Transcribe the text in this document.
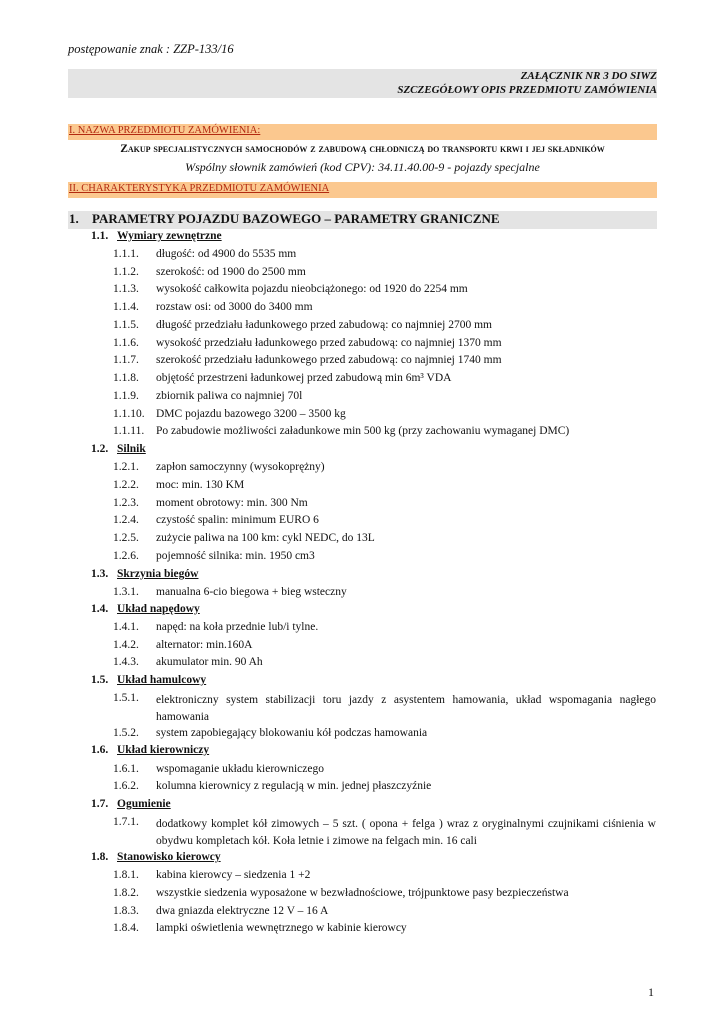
postępowanie znak : ZZP-133/16
ZAŁĄCZNIK NR 3 DO SIWZ
SZCZEGÓŁOWY OPIS PRZEDMIOTU ZAMÓWIENIA
I. NAZWA PRZEDMIOTU ZAMÓWIENIA:
Zakup specjalistycznych samochodów z zabudową chłodniczą do transportu krwi i jej składników
Wspólny słownik zamówień (kod CPV): 34.11.40.00-9 - pojazdy specjalne
II. CHARAKTERYSTYKA PRZEDMIOTU ZAMÓWIENIA
1. PARAMETRY POJAZDU BAZOWEGO – PARAMETRY GRANICZNE
1.1. Wymiary zewnętrzne
1.2. Silnik
1.3. Skrzynia biegów
1.4. Układ napędowy
1.5. Układ hamulcowy
1.6. Układ kierowniczy
1.7. Ogumienie
1.8. Stanowisko kierowcy
1.1.1. długość: od 4900 do 5535 mm
1.1.2. szerokość: od 1900 do 2500 mm
1.1.3. wysokość całkowita pojazdu nieobciążonego: od 1920 do 2254 mm
1.1.4. rozstaw osi: od 3000 do 3400 mm
1.1.5. długość przedziału ładunkowego przed zabudową: co najmniej 2700 mm
1.1.6. wysokość przedziału ładunkowego przed zabudową: co najmniej 1370 mm
1.1.7. szerokość przedziału ładunkowego przed zabudową: co najmniej 1740 mm
1.1.8. objętość przestrzeni ładunkowej przed zabudową min 6m³ VDA
1.1.9. zbiornik paliwa co najmniej 70l
1.1.10. DMC pojazdu bazowego 3200 – 3500 kg
1.1.11. Po zabudowie możliwości załadunkowe min 500 kg (przy zachowaniu wymaganej DMC)
1.2.1. zapłon samoczynny (wysokoprężny)
1.2.2. moc: min. 130 KM
1.2.3. moment obrotowy: min. 300 Nm
1.2.4. czystość spalin: minimum EURO 6
1.2.5. zużycie paliwa na 100 km: cykl NEDC, do 13L
1.2.6. pojemność silnika: min. 1950 cm3
1.3.1. manualna 6-cio biegowa + bieg wsteczny
1.4.1. napęd: na koła przednie lub/i tylne.
1.4.2. alternator: min.160A
1.4.3. akumulator min. 90 Ah
1.5.1. elektroniczny system stabilizacji toru jazdy z asystentem hamowania, układ wspomagania nagłego hamowania
1.5.2. system zapobiegający blokowaniu kół podczas hamowania
1.6.1. wspomaganie układu kierowniczego
1.6.2. kolumna kierownicy z regulacją w min. jednej płaszczyźnie
1.7.1. dodatkowy komplet kół zimowych – 5 szt. ( opona + felga ) wraz z oryginalnymi czujnikami ciśnienia w obydwu kompletach kół. Koła letnie i zimowe na felgach min. 16 cali
1.8.1. kabina kierowcy – siedzenia 1 +2
1.8.2. wszystkie siedzenia wyposażone w bezwładnościowe, trójpunktowe pasy bezpieczeństwa
1.8.3. dwa gniazda elektryczne 12 V – 16 A
1.8.4. lampki oświetlenia wewnętrznego w kabinie kierowcy
1
